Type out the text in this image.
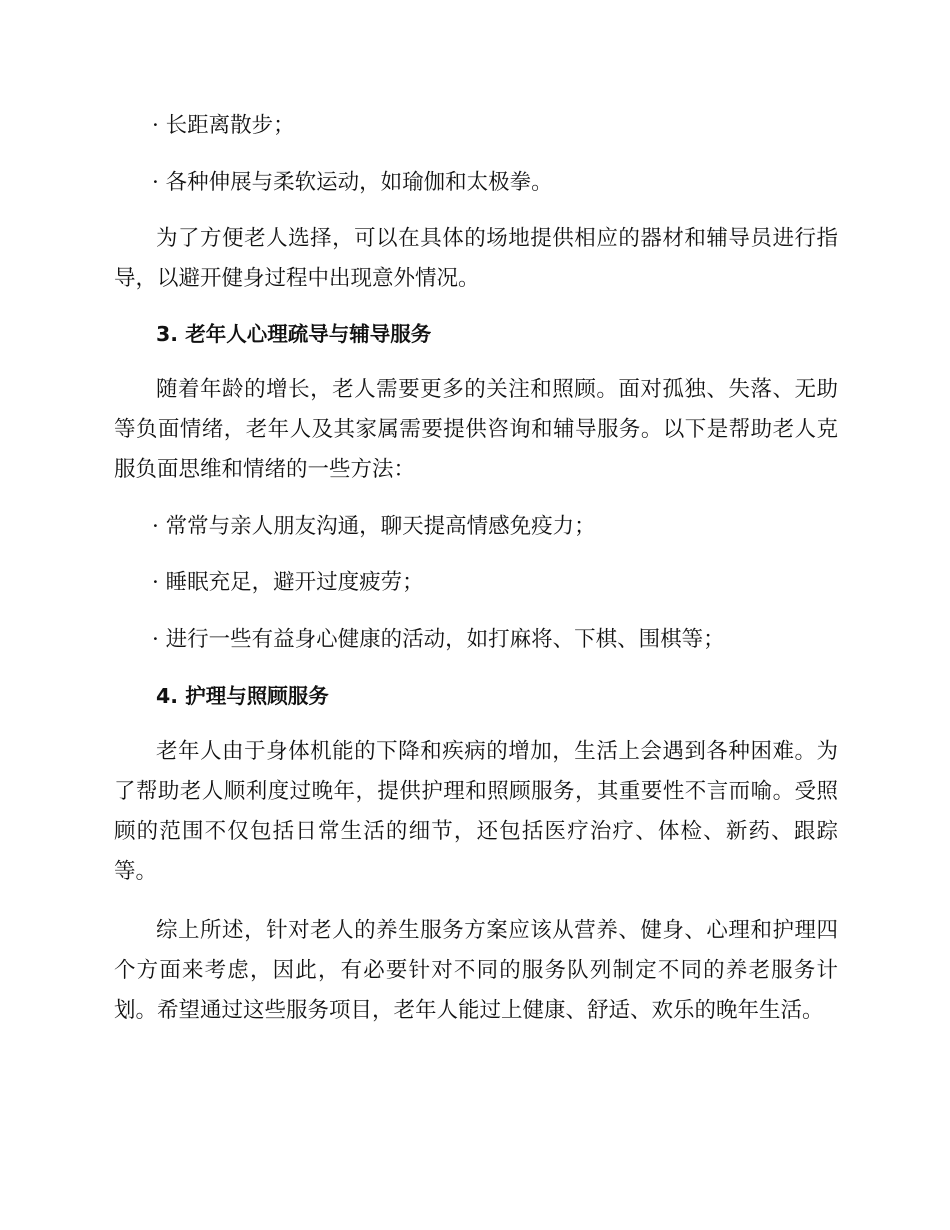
· 长距离散步；

· 各种伸展与柔软运动，如瑜伽和太极拳。

为了方便老人选择，可以在具体的场地提供相应的器材和辅导员进行指导，以避开健身过程中出现意外情况。

3. 老年人心理疏导与辅导服务

随着年龄的增长，老人需要更多的关注和照顾。面对孤独、失落、无助等负面情绪，老年人及其家属需要提供咨询和辅导服务。以下是帮助老人克服负面思维和情绪的一些方法：

· 常常与亲人朋友沟通，聊天提高情感免疫力；

· 睡眠充足，避开过度疲劳；

· 进行一些有益身心健康的活动，如打麻将、下棋、围棋等；

4. 护理与照顾服务

老年人由于身体机能的下降和疾病的增加，生活上会遇到各种困难。为了帮助老人顺利度过晚年，提供护理和照顾服务，其重要性不言而喻。受照顾的范围不仅包括日常生活的细节，还包括医疗治疗、体检、新药、跟踪等。

综上所述，针对老人的养生服务方案应该从营养、健身、心理和护理四个方面来考虑，因此，有必要针对不同的服务队列制定不同的养老服务计划。希望通过这些服务项目，老年人能过上健康、舒适、欢乐的晚年生活。
